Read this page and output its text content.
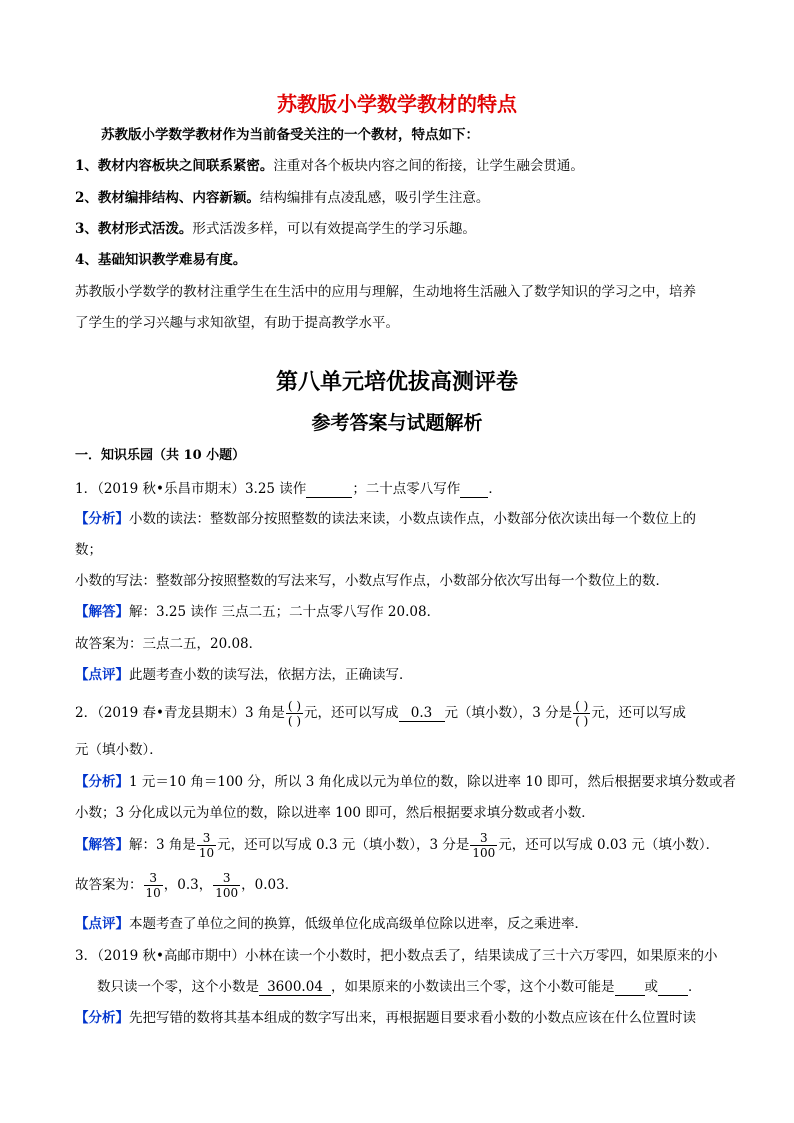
苏教版小学数学教材的特点
苏教版小学数学教材作为当前备受关注的一个教材，特点如下：
1、教材内容板块之间联系紧密。注重对各个板块内容之间的衔接，让学生融会贯通。
2、教材编排结构、内容新颖。结构编排有点凌乱感，吸引学生注意。
3、教材形式活泼。形式活泼多样，可以有效提高学生的学习乐趣。
4、基础知识教学难易有度。
苏教版小学数学的教材注重学生在生活中的应用与理解，生动地将生活融入了数学知识的学习之中，培养
了学生的学习兴趣与求知欲望，有助于提高教学水平。
第八单元培优拔高测评卷
参考答案与试题解析
一．知识乐园（共 10 小题）
1．（2019 秋•乐昌市期末）3.25 读作	；二十点零八写作 ．
【分析】小数的读法：整数部分按照整数的读法来读，小数点读作点，小数部分依次读出每一个数位上的
数；
小数的写法：整数部分按照整数的写法来写，小数点写作点，小数部分依次写出每一个数位上的数．
【解答】解：3.25 读作 三点二五；二十点零八写作 20.08．
故答案为：三点二五，20.08．
【点评】此题考查小数的读写法，依据方法，正确读写．
2．（2019 春•青龙县期末）3 角是 $\frac{( )}{( )}$ 元，还可以写成 0.3 元（填小数），3 分是 $\frac{( )}{( )}$ 元，还可以写成
元（填小数）．
【分析】1 元＝10 角＝100 分，所以 3 角化成以元为单位的数，除以进率 10 即可，然后根据要求填分数或者
小数；3 分化成以元为单位的数，除以进率 100 即可，然后根据要求填分数或者小数．
【解答】解：3 角是 $\frac{3}{10}$ 元，还可以写成 0.3 元（填小数），3 分是 $\frac{3}{100}$ 元，还可以写成 0.03 元（填小数）．
故答案为： $\frac{3}{10}$ ，0.3， $\frac{3}{100}$ ，0.03．
【点评】本题考查了单位之间的换算，低级单位化成高级单位除以进率，反之乘进率．
3．（2019 秋•高邮市期中）小林在读一个小数时，把小数点丢了，结果读成了三十六万零四，如果原来的小
数只读一个零，这个小数是 3600.04 ，如果原来的小数读出三个零，这个小数可能是 或 ．
【分析】先把写错的数将其基本组成的数字写出来，再根据题目要求看小数的小数点应该在什么位置时读
